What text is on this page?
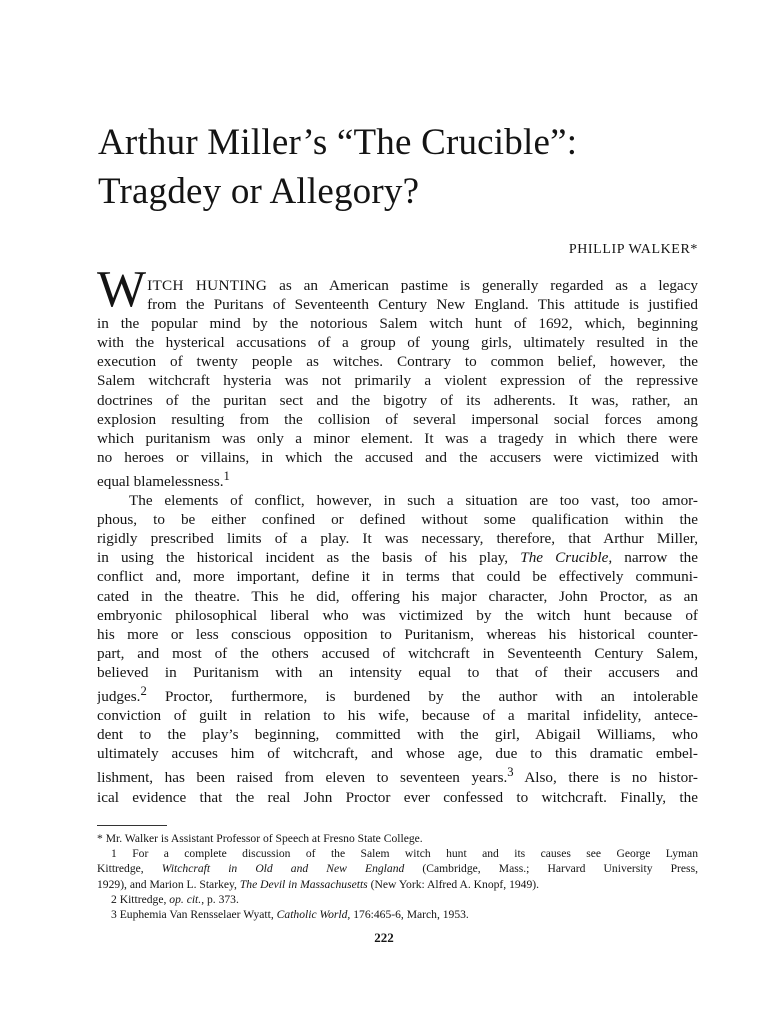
Arthur Miller’s “The Crucible”:
Tragdey or Allegory?
PHILLIP WALKER*
W ITCH HUNTING as an American pastime is generally regarded as a legacy
from the Puritans of Seventeenth Century New England. This attitude is justified
in the popular mind by the notorious Salem witch hunt of 1692, which, beginning
with the hysterical accusations of a group of young girls, ultimately resulted in the
execution of twenty people as witches. Contrary to common belief, however, the
Salem witchcraft hysteria was not primarily a violent expression of the repressive
doctrines of the puritan sect and the bigotry of its adherents. It was, rather, an
explosion resulting from the collision of several impersonal social forces among
which puritanism was only a minor element. It was a tragedy in which there were
no heroes or villains, in which the accused and the accusers were victimized with
equal blamelessness.$^1$
The elements of conflict, however, in such a situation are too vast, too amor-
phous, to be either confined or defined without some qualification within the
rigidly prescribed limits of a play. It was necessary, therefore, that Arthur Miller,
in using the historical incident as the basis of his play, The Crucible, narrow the
conflict and, more important, define it in terms that could be effectively communi-
cated in the theatre. This he did, offering his major character, John Proctor, as an
embryonic philosophical liberal who was victimized by the witch hunt because of
his more or less conscious opposition to Puritanism, whereas his historical counter-
part, and most of the others accused of witchcraft in Seventeenth Century Salem,
believed in Puritanism with an intensity equal to that of their accusers and
judges.$^2$ Proctor, furthermore, is burdened by the author with an intolerable
conviction of guilt in relation to his wife, because of a marital infidelity, antece-
dent to the play’s beginning, committed with the girl, Abigail Williams, who
ultimately accuses him of witchcraft, and whose age, due to this dramatic embel-
lishment, has been raised from eleven to seventeen years.$^3$ Also, there is no histor-
ical evidence that the real John Proctor ever confessed to witchcraft. Finally, the
* Mr. Walker is Assistant Professor of Speech at Fresno State College.
1 For a complete discussion of the Salem witch hunt and its causes see George Lyman
Kittredge, Witchcraft in Old and New England (Cambridge, Mass.; Harvard University Press,
1929), and Marion L. Starkey, The Devil in Massachusetts (New York: Alfred A. Knopf, 1949).
2 Kittredge, op. cit., p. 373.
3 Euphemia Van Rensselaer Wyatt, Catholic World, 176:465-6, March, 1953.
222
